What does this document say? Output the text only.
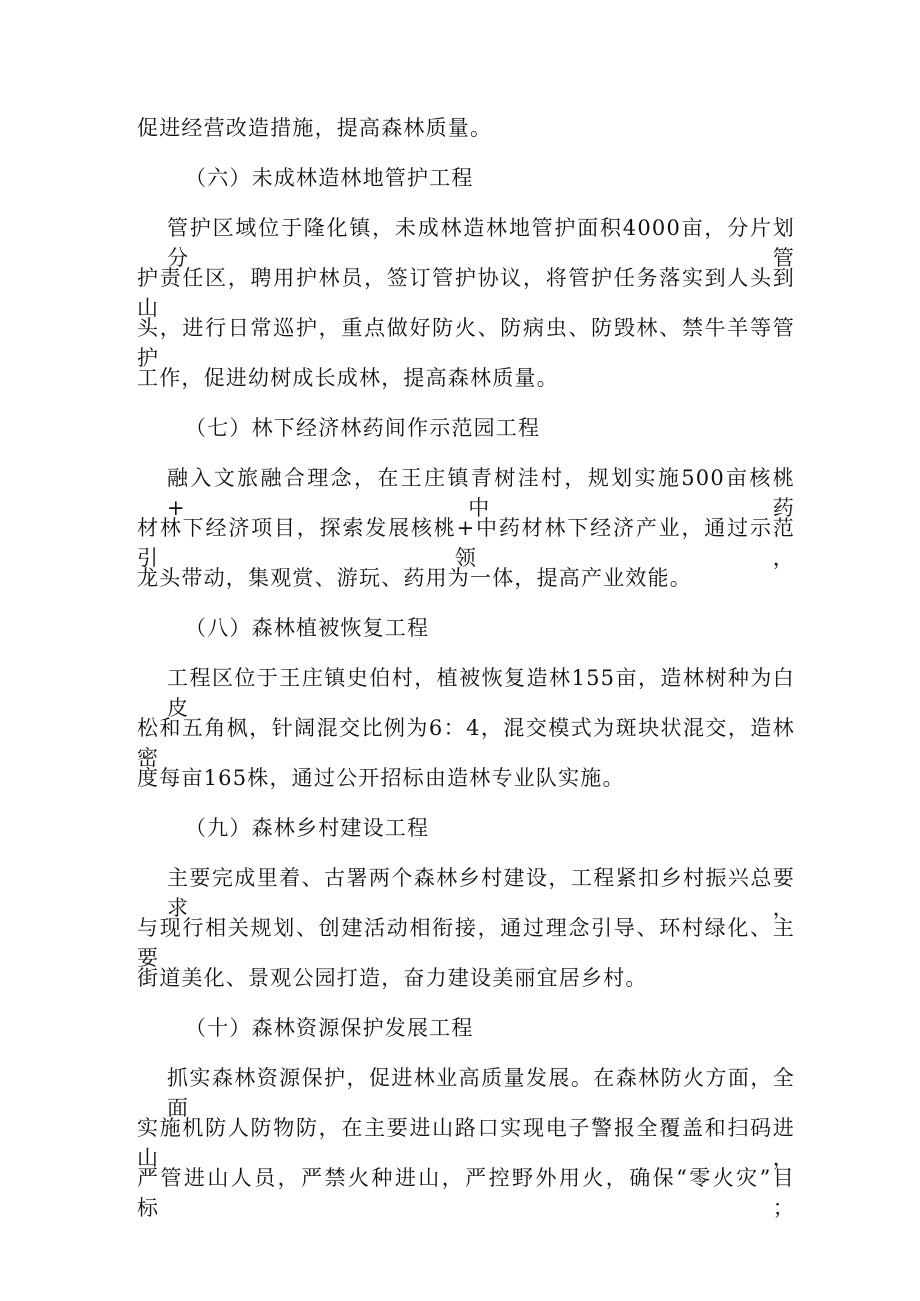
促进经营改造措施，提高森林质量。
（六）未成林造林地管护工程
管护区域位于隆化镇，未成林造林地管护面积4000亩，分片划分管
护责任区，聘用护林员，签订管护协议，将管护任务落实到人头到山
头，进行日常巡护，重点做好防火、防病虫、防毁林、禁牛羊等管护
工作，促进幼树成长成林，提高森林质量。
（七）林下经济林药间作示范园工程
融入文旅融合理念，在王庄镇青树洼村，规划实施500亩核桃+中药
材林下经济项目，探索发展核桃+中药材林下经济产业，通过示范引领，
龙头带动，集观赏、游玩、药用为一体，提高产业效能。
（八）森林植被恢复工程
工程区位于王庄镇史伯村，植被恢复造林155亩，造林树种为白皮
松和五角枫，针阔混交比例为6：4，混交模式为斑块状混交，造林密
度每亩165株，通过公开招标由造林专业队实施。
（九）森林乡村建设工程
主要完成里着、古署两个森林乡村建设，工程紧扣乡村振兴总要求，
与现行相关规划、创建活动相衔接，通过理念引导、环村绿化、主要
街道美化、景观公园打造，奋力建设美丽宜居乡村。
（十）森林资源保护发展工程
抓实森林资源保护，促进林业高质量发展。在森林防火方面，全面
实施机防人防物防，在主要进山路口实现电子警报全覆盖和扫码进山，
严管进山人员，严禁火种进山，严控野外用火，确保“零火灾”目标；
